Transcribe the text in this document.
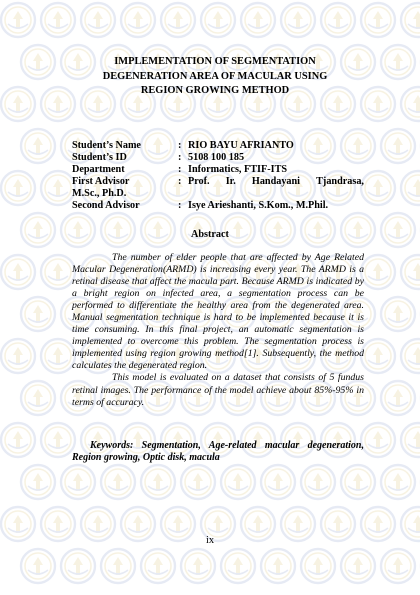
IMPLEMENTATION OF SEGMENTATION
DEGENERATION AREA OF MACULAR USING
REGION GROWING METHOD
Student’s Name	: RIO BAYU AFRIANTO
Student’s ID	: 5108 100 185
Department	: Informatics, FTIF-ITS
First Advisor	: Prof. Ir. Handayani Tjandrasa,
M.Sc., Ph.D.
Second Advisor	: Isye Arieshanti, S.Kom., M.Phil.
Abstract

The number of elder people that are affected by Age Related Macular Degeneration(ARMD) is increasing every year. The ARMD is a retinal disease that affect the macula part. Because ARMD is indicated by a bright region on infected area, a segmentation process can be performed to differentiate the healthy area from the degenerated area. Manual segmentation technique is hard to be implemented because it is time consuming. In this final project, an automatic segmentation is implemented to overcome this problem. The segmentation process is implemented using region growing method[1]. Subsequently, the method calculates the degenerated region.

This model is evaluated on a dataset that consists of 5 fundus retinal images. The performance of the model achieve about 85%-95% in terms of accuracy.

Keywords: Segmentation, Age-related macular degeneration, Region growing, Optic disk, macula
ix
